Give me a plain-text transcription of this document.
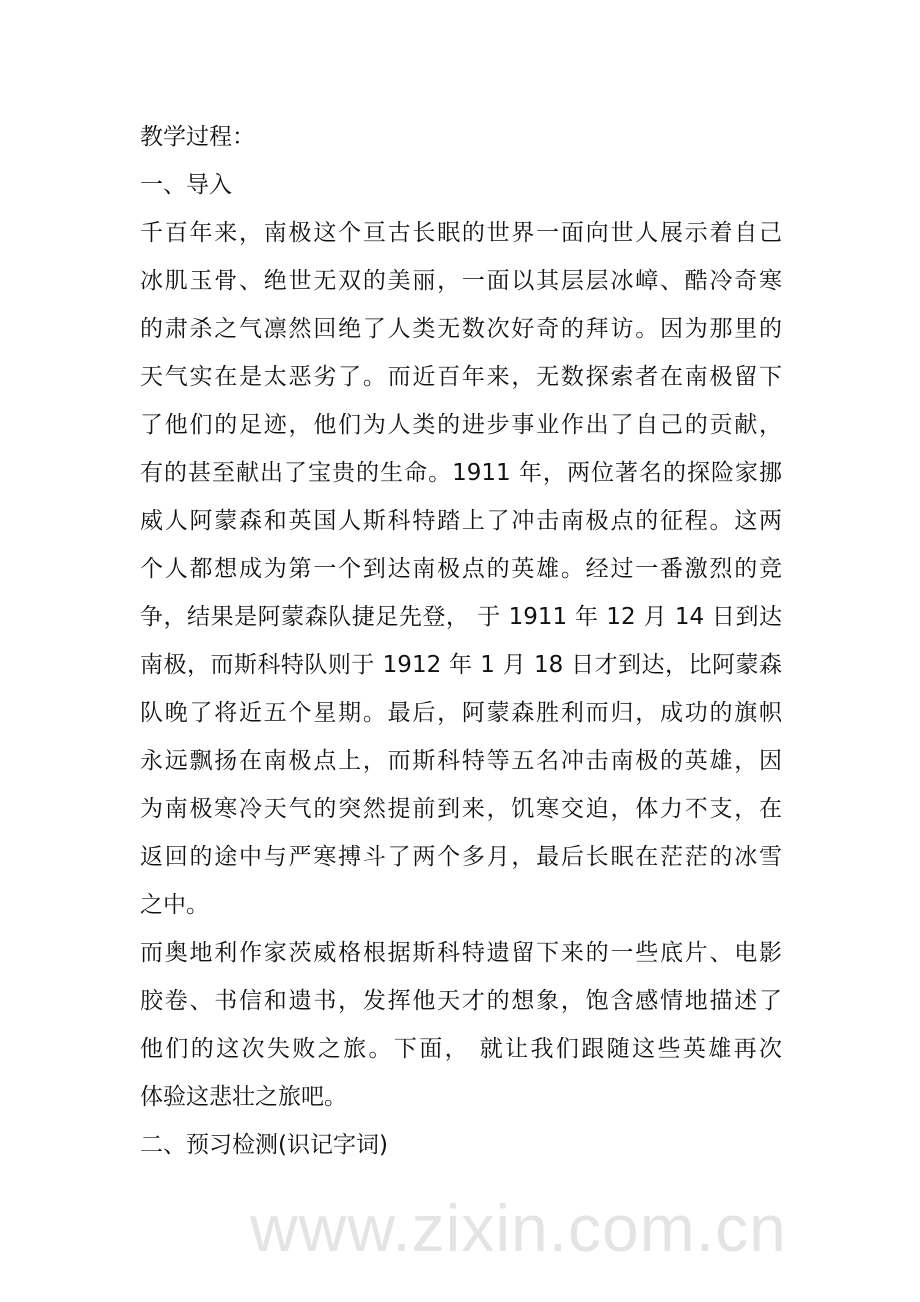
www.zixin.com.cn
教学过程：
一、导入
千百年来，南极这个亘古长眠的世界一面向世人展示着自己
冰肌玉骨、绝世无双的美丽，一面以其层层冰嶂、酷冷奇寒
的肃杀之气凛然回绝了人类无数次好奇的拜访。因为那里的
天气实在是太恶劣了。而近百年来，无数探索者在南极留下
了他们的足迹，他们为人类的进步事业作出了自己的贡献，
有的甚至献出了宝贵的生命。1911 年，两位著名的探险家挪
威人阿蒙森和英国人斯科特踏上了冲击南极点的征程。这两
个人都想成为第一个到达南极点的英雄。经过一番激烈的竞
争，结果是阿蒙森队捷足先登， 于 1911 年 12 月 14 日到达
南极，而斯科特队则于 1912 年 1 月 18 日才到达，比阿蒙森
队晚了将近五个星期。最后，阿蒙森胜利而归，成功的旗帜
永远飘扬在南极点上，而斯科特等五名冲击南极的英雄，因
为南极寒冷天气的突然提前到来，饥寒交迫，体力不支，在
返回的途中与严寒搏斗了两个多月，最后长眠在茫茫的冰雪
之中。
而奥地利作家茨威格根据斯科特遗留下来的一些底片、电影
胶卷、书信和遗书，发挥他天才的想象，饱含感情地描述了
他们的这次失败之旅。下面， 就让我们跟随这些英雄再次
体验这悲壮之旅吧。
二、预习检测(识记字词)
